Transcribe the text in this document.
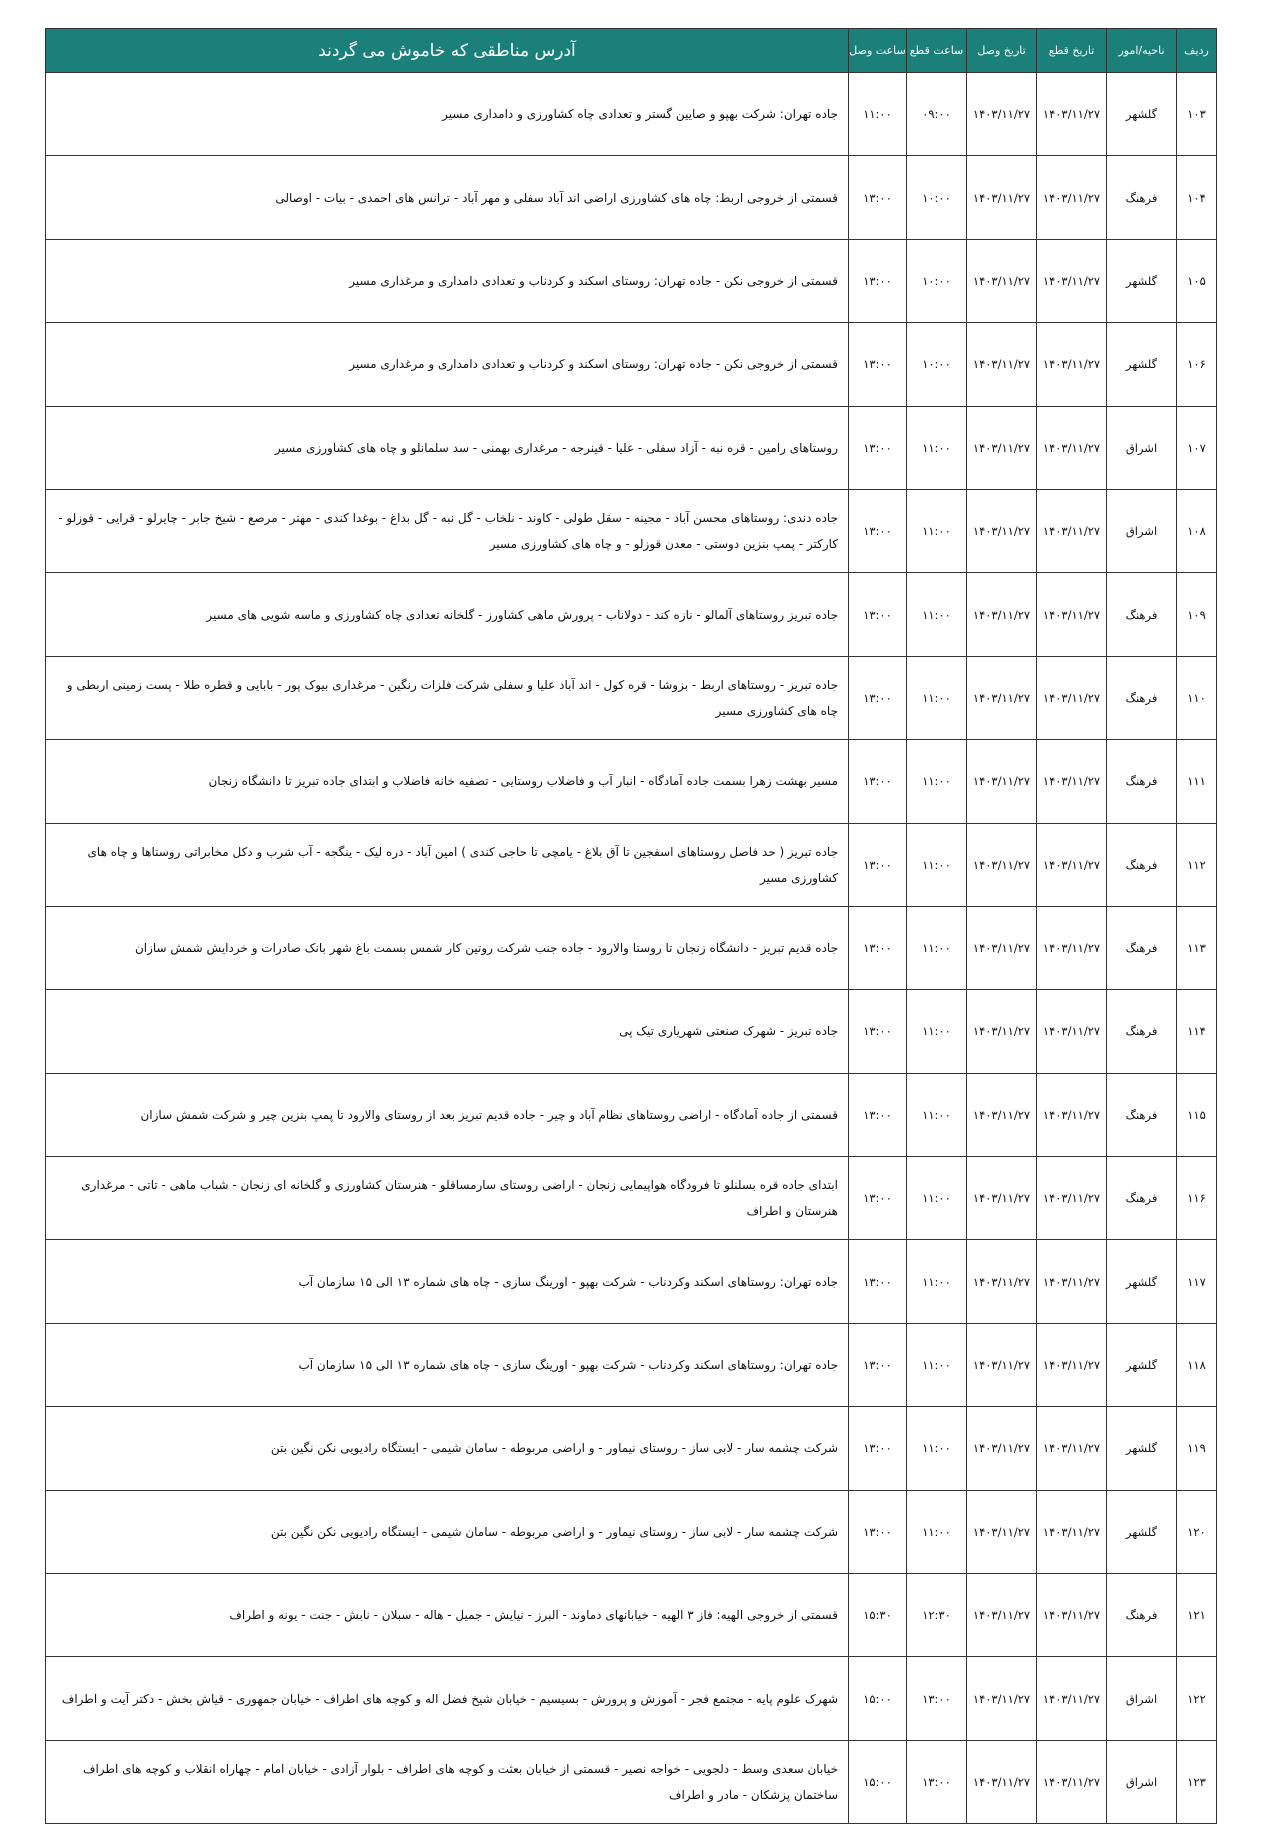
ردیف	ناحیه/امور	تاریخ قطع	تاریخ وصل	ساعت قطع	ساعت وصل	آدرس مناطقی که خاموش می گردند
۱۰۳	گلشهر	۱۴۰۳/۱۱/۲۷	۱۴۰۳/۱۱/۲۷	۰۹:۰۰	۱۱:۰۰	جاده تهران: شرکت بهپو و صایین گستر و تعدادی چاه کشاورزی و دامداری مسیر
۱۰۴	فرهنگ	۱۴۰۳/۱۱/۲۷	۱۴۰۳/۱۱/۲۷	۱۰:۰۰	۱۳:۰۰	قسمتی از خروجی اربط: چاه های کشاورزی اراضی اند آباد سفلی و مهر آباد - ترانس های احمدی - بیات - اوصالی
۱۰۵	گلشهر	۱۴۰۳/۱۱/۲۷	۱۴۰۳/۱۱/۲۷	۱۰:۰۰	۱۳:۰۰	قسمتی از خروجی نکن - جاده تهران: روستای اسکند و کردناب و تعدادی دامداری و مرغداری مسیر
۱۰۶	گلشهر	۱۴۰۳/۱۱/۲۷	۱۴۰۳/۱۱/۲۷	۱۰:۰۰	۱۳:۰۰	قسمتی از خروجی نکن - جاده تهران: روستای اسکند و کردناب و تعدادی دامداری و مرغداری مسیر
۱۰۷	اشراق	۱۴۰۳/۱۱/۲۷	۱۴۰۳/۱۱/۲۷	۱۱:۰۰	۱۳:۰۰	روستاهای رامین - قره نبه - آزاد سفلی - علیا - قینرجه - مرغداری بهمنی - سد سلمانلو و چاه های کشاورزی مسیر
۱۰۸	اشراق	۱۴۰۳/۱۱/۲۷	۱۴۰۳/۱۱/۲۷	۱۱:۰۰	۱۳:۰۰	جاده دندی: روستاهای محسن آباد - مجینه - سقل طولی - کاوند - نلخاب - گل نبه - گل بداغ - بوغدا کندی - مهتر - مرصع - شیخ جابر - چایرلو - قرایی - قوزلو - کارکتر - پمپ بنزین دوستی - معدن قوزلو - و چاه های کشاورزی مسیر
۱۰۹	فرهنگ	۱۴۰۳/۱۱/۲۷	۱۴۰۳/۱۱/۲۷	۱۱:۰۰	۱۳:۰۰	جاده تبریز روستاهای آلمالو - نازه کند - دولاناب - پرورش ماهی کشاورز - گلخانه تعدادی چاه کشاورزی و ماسه شویی های مسیر
۱۱۰	فرهنگ	۱۴۰۳/۱۱/۲۷	۱۴۰۳/۱۱/۲۷	۱۱:۰۰	۱۳:۰۰	جاده تبریز - روستاهای اربط - بزوشا - قره کول - اند آباد علیا و سفلی شرکت فلزات رنگین - مرغداری بیوک پور - بابایی و قطره طلا - پست زمینی اربطی و چاه های کشاورزی مسیر
۱۱۱	فرهنگ	۱۴۰۳/۱۱/۲۷	۱۴۰۳/۱۱/۲۷	۱۱:۰۰	۱۳:۰۰	مسیر بهشت زهرا بسمت جاده آمادگاه - انبار آب و فاضلاب روستایی - تصفیه خانه فاضلاب و ابتدای جاده تبریز تا دانشگاه زنجان
۱۱۲	فرهنگ	۱۴۰۳/۱۱/۲۷	۱۴۰۳/۱۱/۲۷	۱۱:۰۰	۱۳:۰۰	جاده تبریز ( حد فاصل روستاهای اسفجین تا آق بلاغ - یامچی تا حاجی کندی ) امین آباد - دره لیک - ینگجه - آب شرب و دکل مخابراتی روستاها و چاه های کشاورزی مسیر
۱۱۳	فرهنگ	۱۴۰۳/۱۱/۲۷	۱۴۰۳/۱۱/۲۷	۱۱:۰۰	۱۳:۰۰	جاده قدیم تبریز - دانشگاه زنجان تا روستا والارود - جاده جنب شرکت روتین کار شمس بسمت باغ شهر بانک صادرات و خردایش شمش سازان
۱۱۴	فرهنگ	۱۴۰۳/۱۱/۲۷	۱۴۰۳/۱۱/۲۷	۱۱:۰۰	۱۳:۰۰	جاده تبریز - شهرک صنعتی شهریاری تیک پی
۱۱۵	فرهنگ	۱۴۰۳/۱۱/۲۷	۱۴۰۳/۱۱/۲۷	۱۱:۰۰	۱۳:۰۰	قسمتی از جاده آمادگاه - اراضی روستاهای نظام آباد و چیر - جاده قدیم تبریز بعد از روستای والارود تا پمپ بنزین چیر و شرکت شمش سازان
۱۱۶	فرهنگ	۱۴۰۳/۱۱/۲۷	۱۴۰۳/۱۱/۲۷	۱۱:۰۰	۱۳:۰۰	ابتدای جاده قره بسلنلو تا فرودگاه هواپیمایی زنجان - اراضی روستای سارمساقلو - هنرستان کشاورزی و گلخانه ای زنجان - شباب ماهی - تاتی - مرغداری هنرستان و اطراف
۱۱۷	گلشهر	۱۴۰۳/۱۱/۲۷	۱۴۰۳/۱۱/۲۷	۱۱:۰۰	۱۳:۰۰	جاده تهران: روستاهای اسکند وکردناب - شرکت بهپو - اورینگ سازی - چاه های شماره ۱۳ الی ۱۵ سازمان آب
۱۱۸	گلشهر	۱۴۰۳/۱۱/۲۷	۱۴۰۳/۱۱/۲۷	۱۱:۰۰	۱۳:۰۰	جاده تهران: روستاهای اسکند وکردناب - شرکت بهپو - اورینگ سازی - چاه های شماره ۱۳ الی ۱۵ سازمان آب
۱۱۹	گلشهر	۱۴۰۳/۱۱/۲۷	۱۴۰۳/۱۱/۲۷	۱۱:۰۰	۱۳:۰۰	شرکت چشمه سار - لابی ساز - روستای نیماور - و اراضی مربوطه - سامان شیمی - ایستگاه رادیویی نکن نگین بتن
۱۲۰	گلشهر	۱۴۰۳/۱۱/۲۷	۱۴۰۳/۱۱/۲۷	۱۱:۰۰	۱۳:۰۰	شرکت چشمه سار - لابی ساز - روستای نیماور - و اراضی مربوطه - سامان شیمی - ایستگاه رادیویی نکن نگین بتن
۱۲۱	فرهنگ	۱۴۰۳/۱۱/۲۷	۱۴۰۳/۱۱/۲۷	۱۲:۳۰	۱۵:۳۰	قسمتی از خروجی الهیه: فاز ۳ الهیه - خیابانهای دماوند - البرز - نیایش - جمیل - هاله - سبلان - نابش - جنت - یونه و اطراف
۱۲۲	اشراق	۱۴۰۳/۱۱/۲۷	۱۴۰۳/۱۱/۲۷	۱۳:۰۰	۱۵:۰۰	شهرک علوم پایه - مجتمع فجر - آموزش و پرورش - بسیسیم - خیابان شیخ فضل اله و کوچه های اطراف - خیابان جمهوری - قیاش بخش - دکتر آیت و اطراف
۱۲۳	اشراق	۱۴۰۳/۱۱/۲۷	۱۴۰۳/۱۱/۲۷	۱۳:۰۰	۱۵:۰۰	خیابان سعدی وسط - دلجویی - خواجه نصیر - قسمتی از خیابان بعثت و کوچه های اطراف - بلوار آزادی - خیابان امام - چهاراه انقلاب و کوچه های اطراف ساختمان پزشکان - مادر و اطراف
